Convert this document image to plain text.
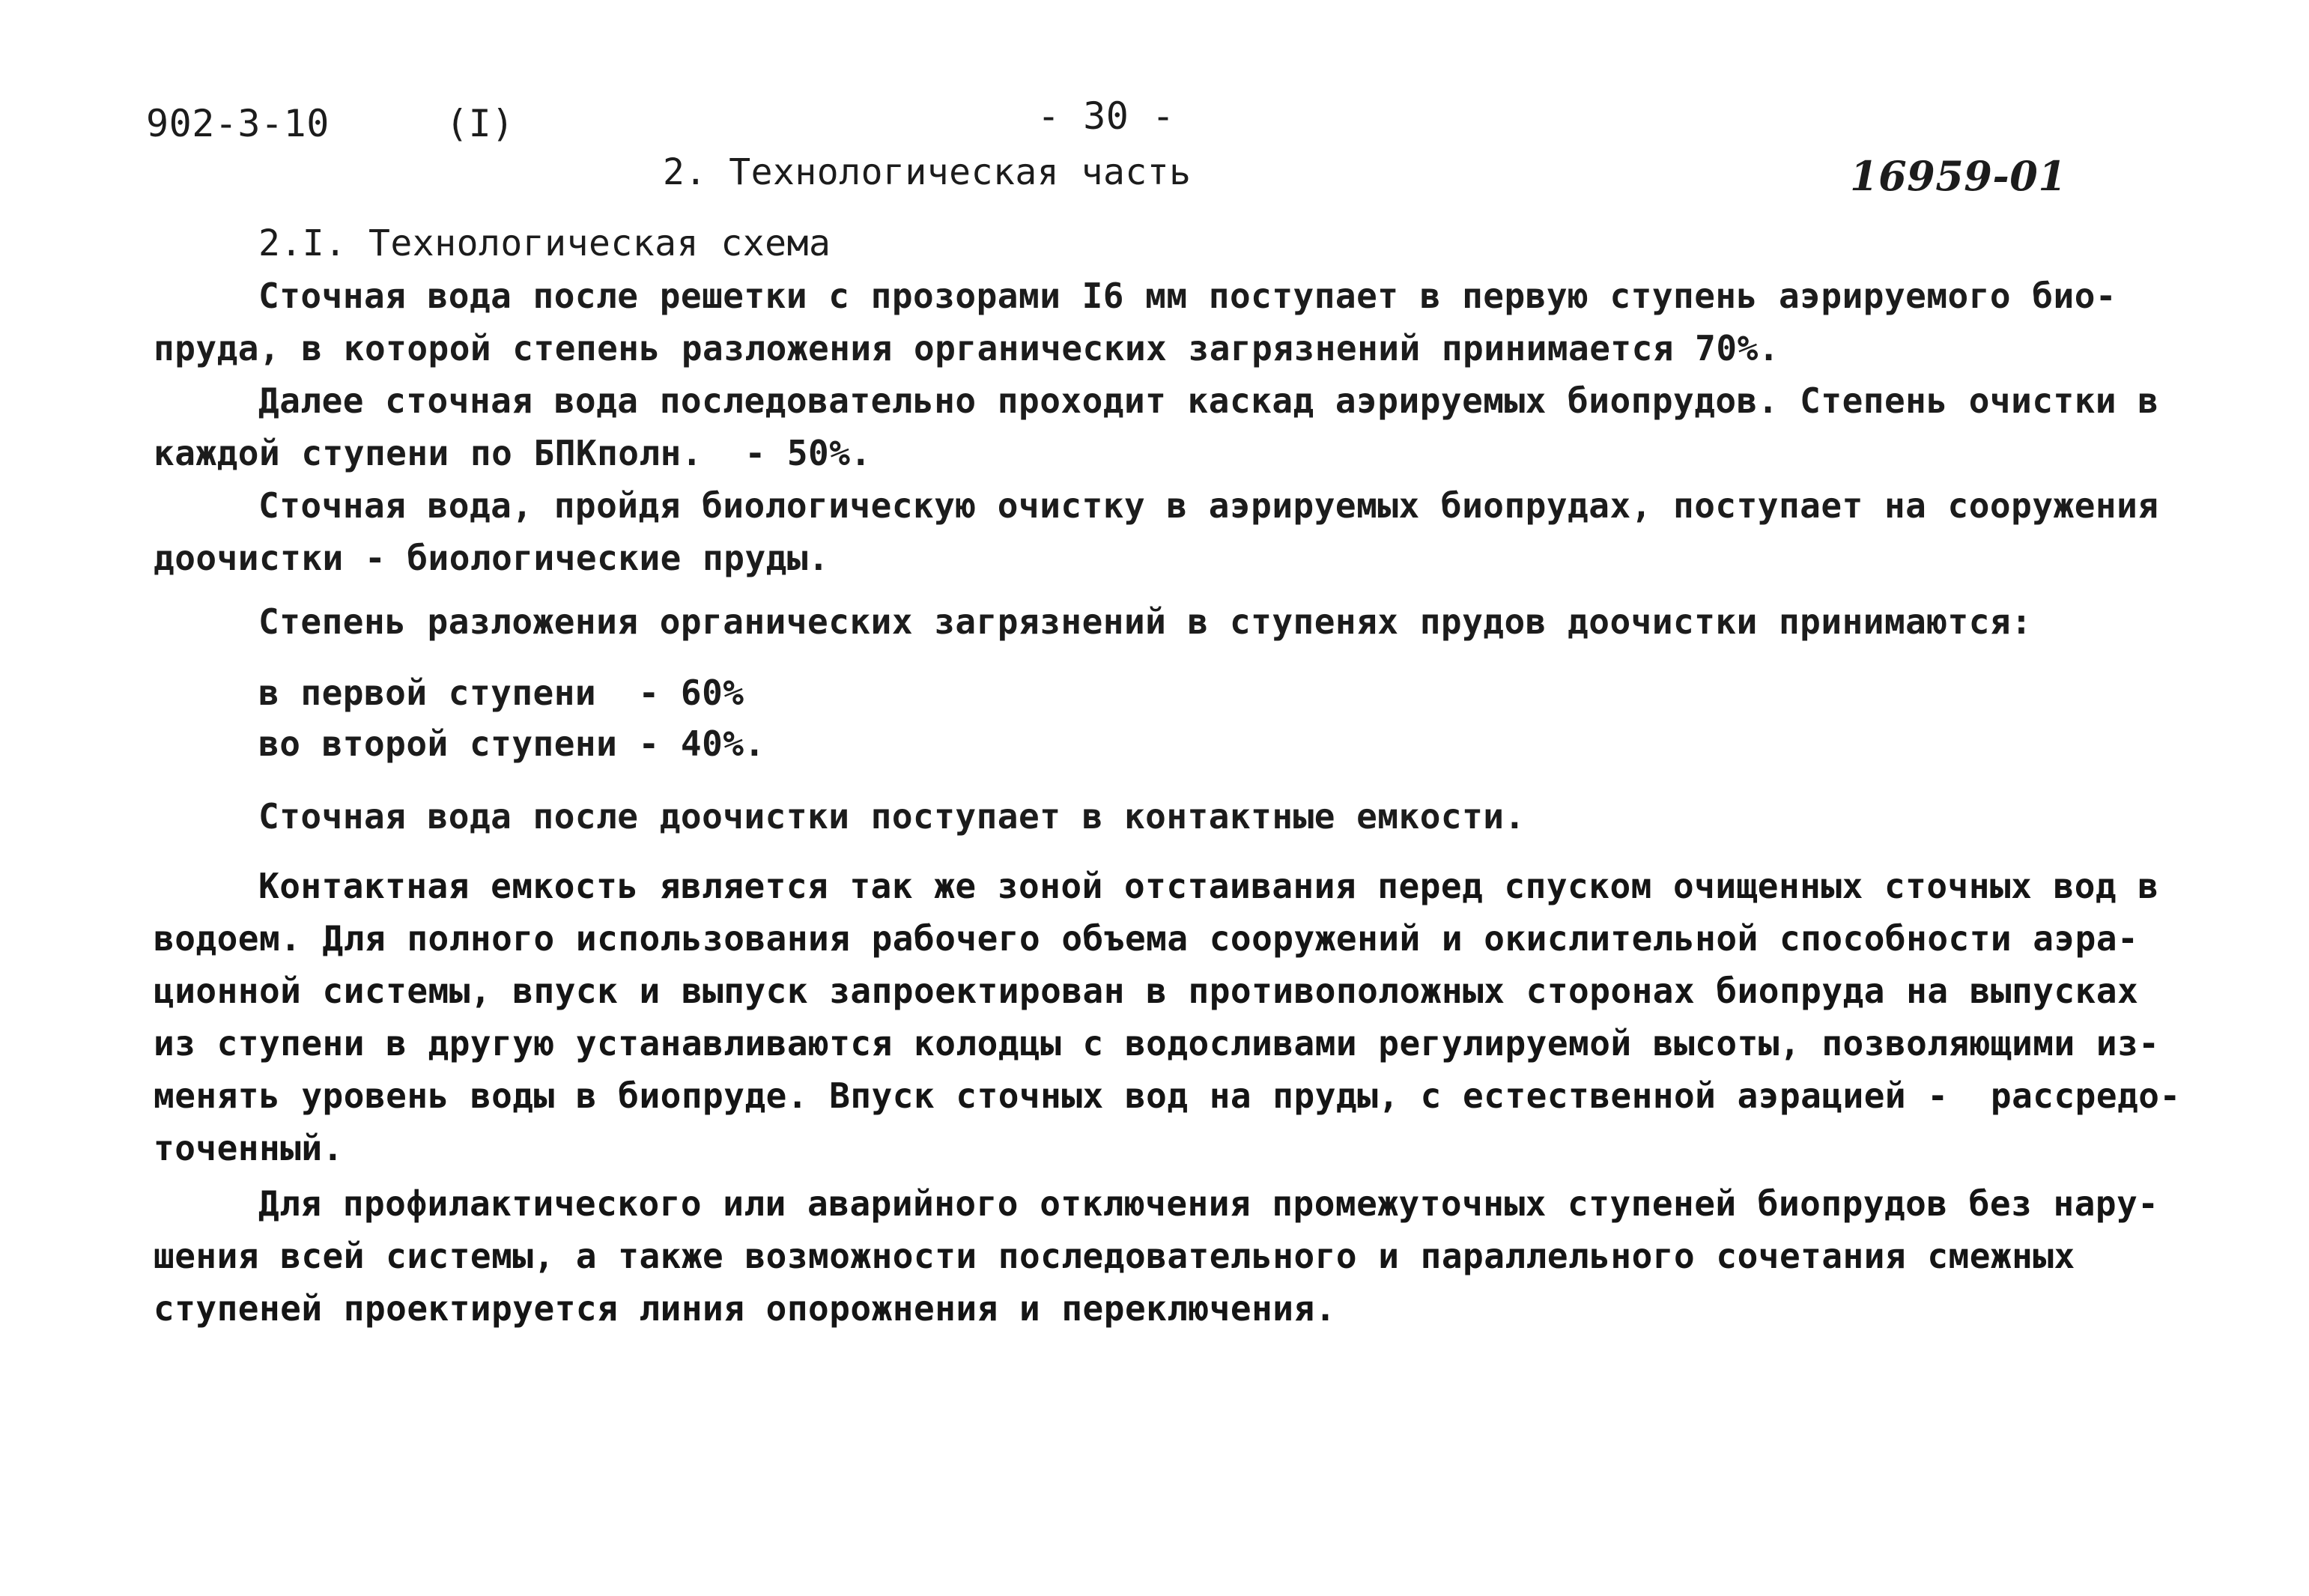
902-3-10	(I)	- 30 -
16959-01
2. Технологическая часть
2.I. Технологическая схема
Сточная вода после решетки с прозорами I6 мм поступает в первую ступень аэрируемого био-
пруда, в которой степень разложения органических загрязнений принимается 70%.
Далее сточная вода последовательно проходит каскад аэрируемых биопрудов. Степень очистки в
каждой ступени по БПКполн.  - 50%.
Сточная вода, пройдя биологическую очистку в аэрируемых биопрудах, поступает на сооружения
доочистки - биологические пруды.
Степень разложения органических загрязнений в ступенях прудов доочистки принимаются:
в первой ступени  - 60%
во второй ступени - 40%.
Сточная вода после доочистки поступает в контактные емкости.
Контактная емкость является так же зоной отстаивания перед спуском очищенных сточных вод в
водоем. Для полного использования рабочего объема сооружений и окислительной способности аэра-
ционной системы, впуск и выпуск запроектирован в противоположных сторонах биопруда на выпусках
из ступени в другую устанавливаются колодцы с водосливами регулируемой высоты, позволяющими из-
менять уровень воды в биопруде. Впуск сточных вод на пруды, с естественной аэрацией -  рассредо-
точенный.
Для профилактического или аварийного отключения промежуточных ступеней биопрудов без нару-
шения всей системы, а также возможности последовательного и параллельного сочетания смежных
ступеней проектируется линия опорожнения и переключения.
